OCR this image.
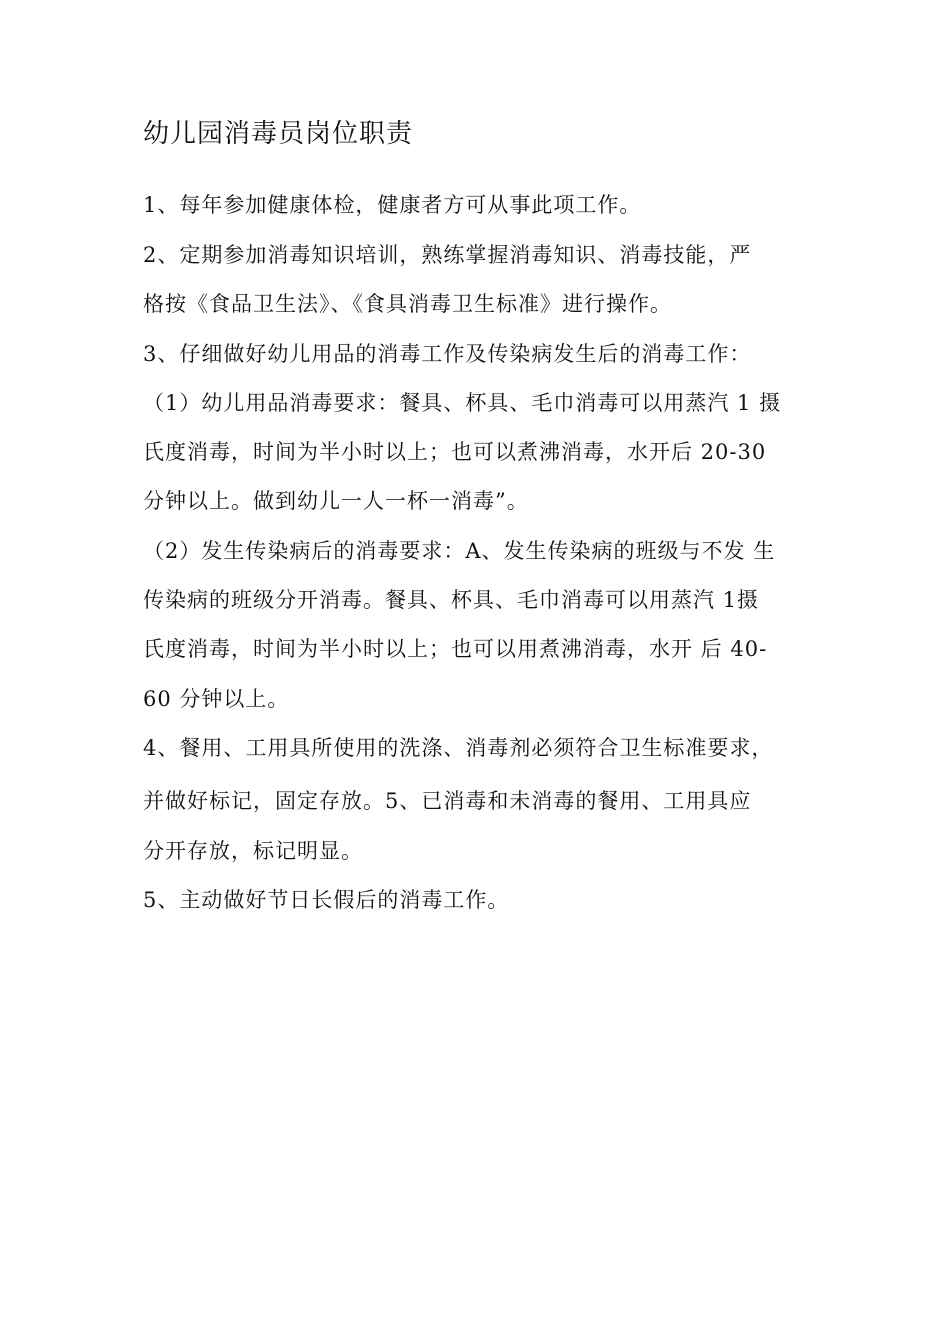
幼儿园消毒员岗位职责
1、每年参加健康体检，健康者方可从事此项工作。
2、定期参加消毒知识培训，熟练掌握消毒知识、消毒技能，严
格按《食品卫生法》、《食具消毒卫生标准》进行操作。
3、仔细做好幼儿用品的消毒工作及传染病发生后的消毒工作：
（1）幼儿用品消毒要求：餐具、杯具、毛巾消毒可以用蒸汽 1 摄
氏度消毒，时间为半小时以上；也可以煮沸消毒，水开后 20-30
分钟以上。做到幼儿一人一杯一消毒”。
（2）发生传染病后的消毒要求：A、发生传染病的班级与不发 生
传染病的班级分开消毒。餐具、杯具、毛巾消毒可以用蒸汽 1摄
氏度消毒，时间为半小时以上；也可以用煮沸消毒，水开 后 40-
60 分钟以上。
4、餐用、工用具所使用的洗涤、消毒剂必须符合卫生标准要求，
并做好标记，固定存放。5、已消毒和未消毒的餐用、工用具应
分开存放，标记明显。
5、主动做好节日长假后的消毒工作。
